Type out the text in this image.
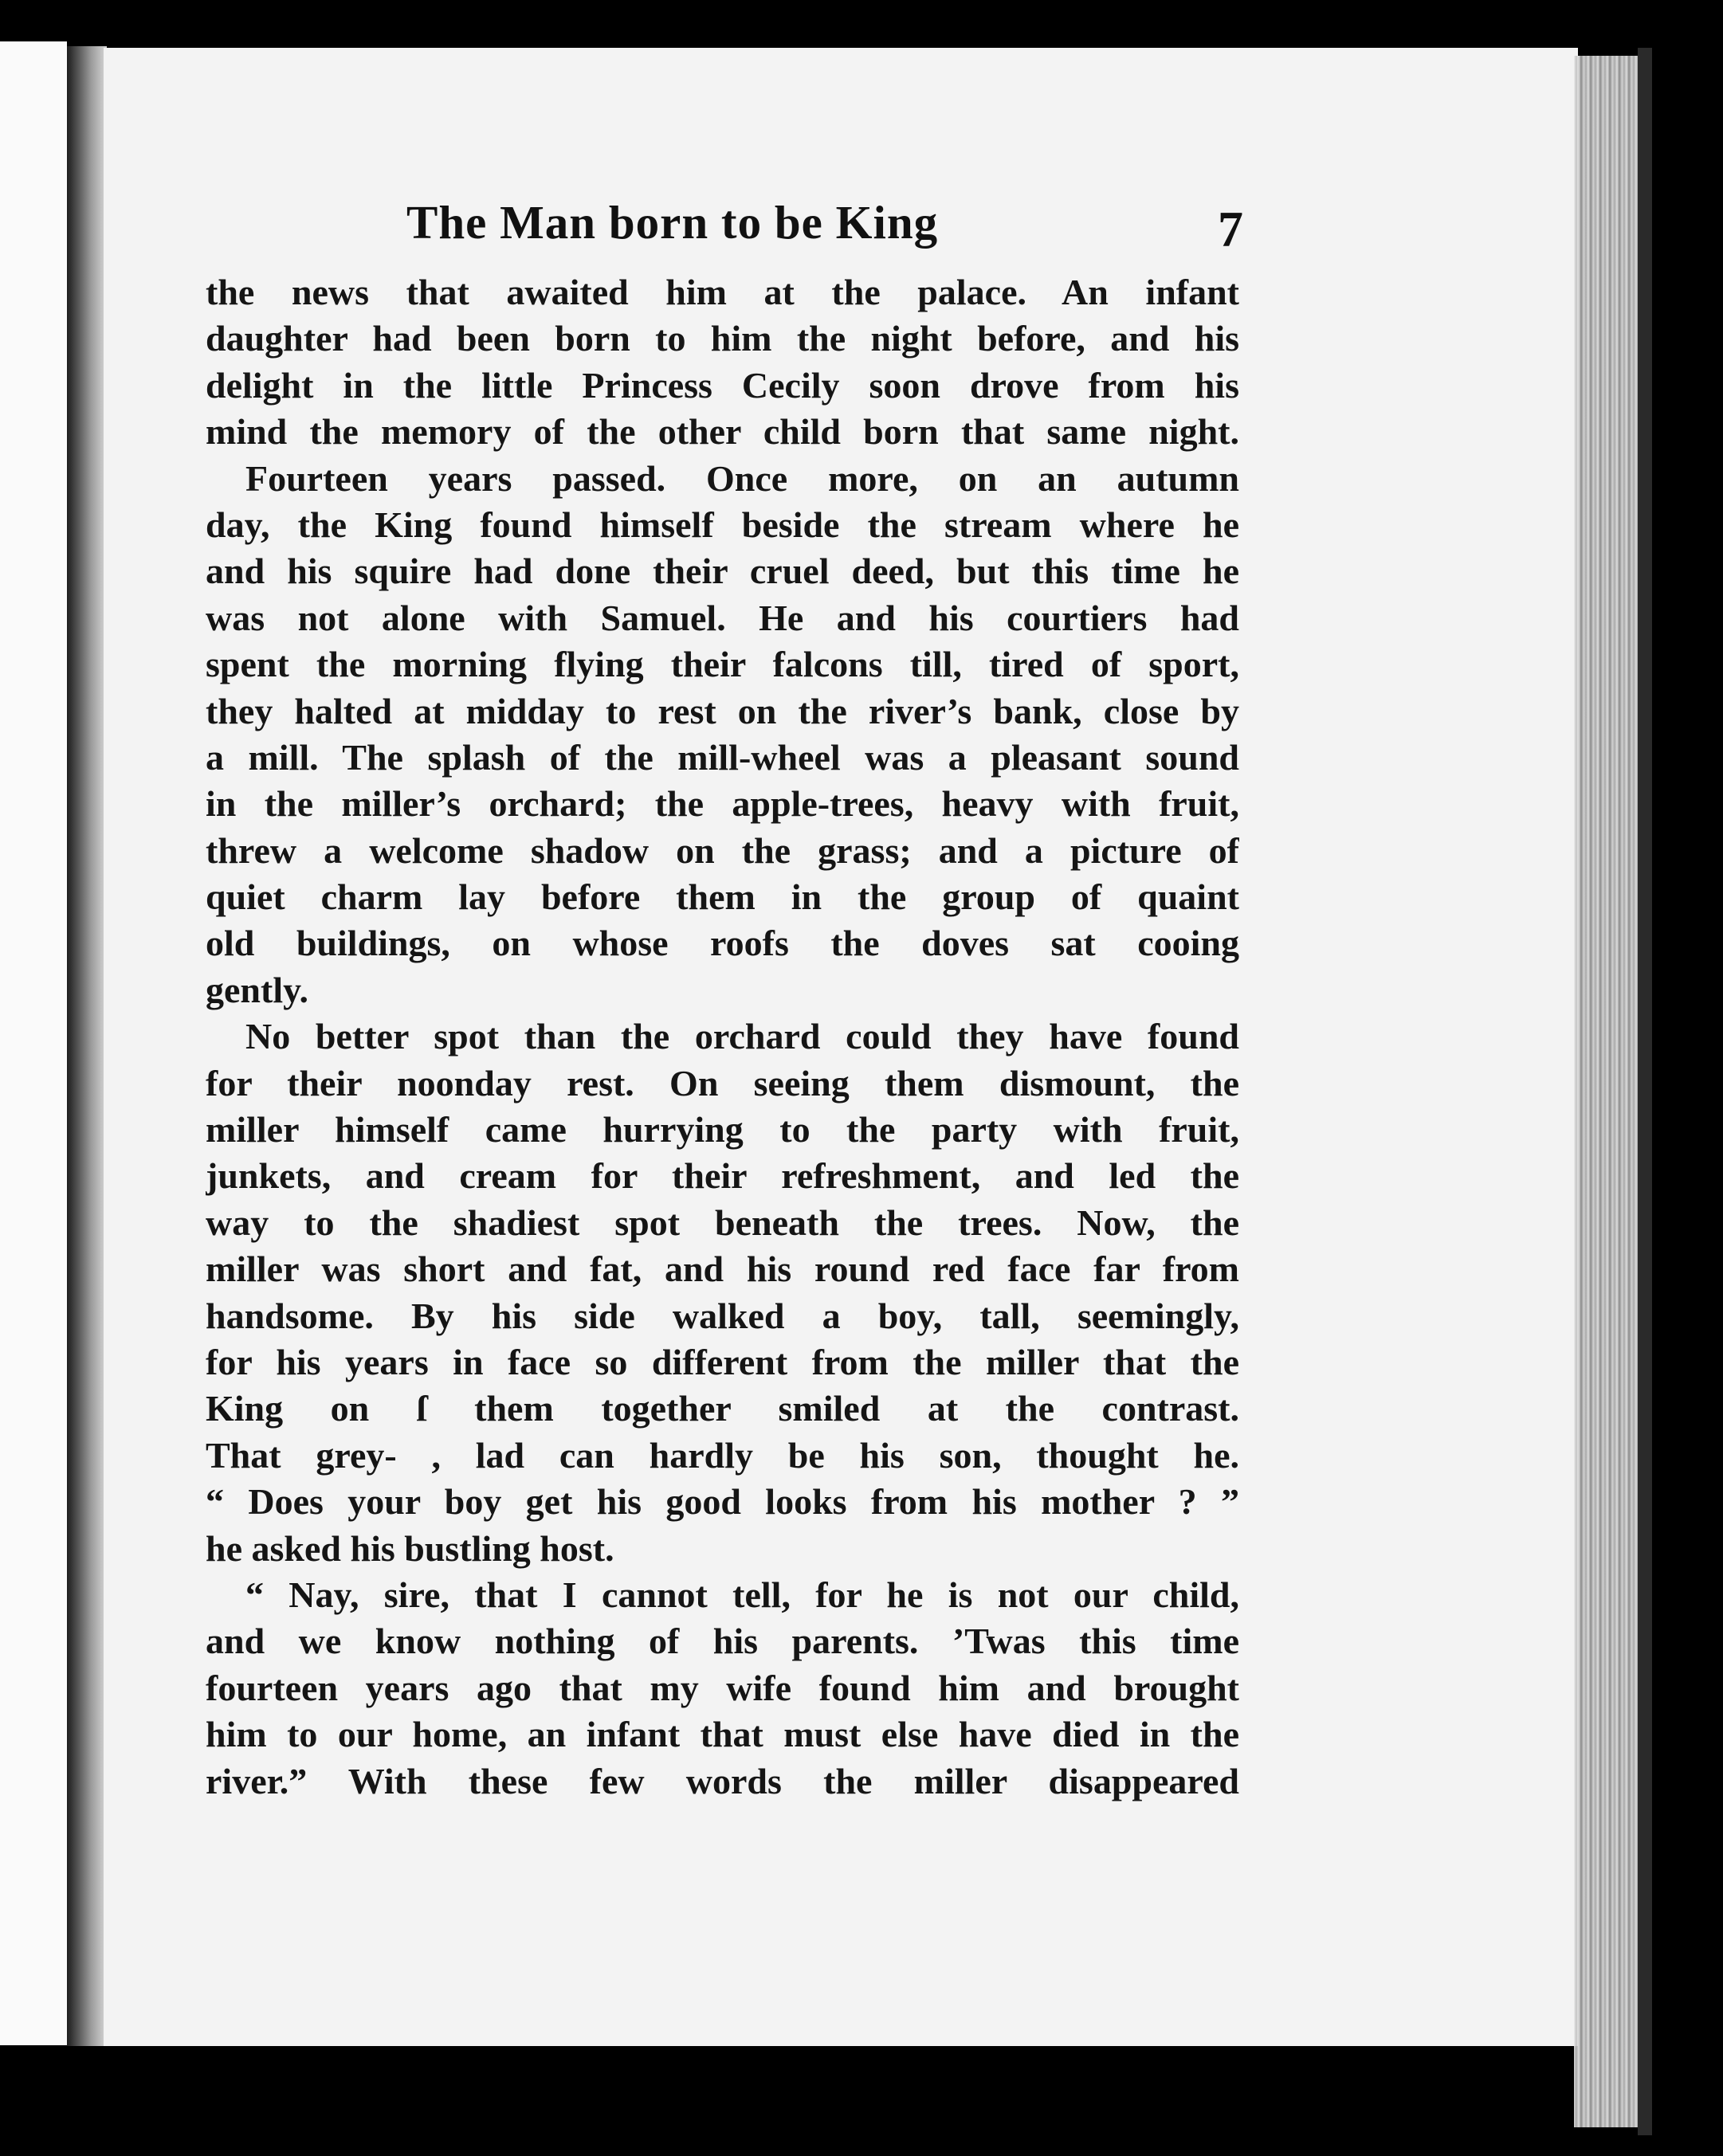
The Man born to be King	7
the news that awaited him at the palace. An infant
daughter had been born to him the night before, and his
delight in the little Princess Cecily soon drove from his
mind the memory of the other child born that same night.
Fourteen years passed. Once more, on an autumn
day, the King found himself beside the stream where he
and his squire had done their cruel deed, but this time he
was not alone with Samuel. He and his courtiers had
spent the morning flying their falcons till, tired of sport,
they halted at midday to rest on the river’s bank, close by
a mill. The splash of the mill-wheel was a pleasant sound
in the miller’s orchard; the apple-trees, heavy with fruit,
threw a welcome shadow on the grass; and a picture of
quiet charm lay before them in the group of quaint
old buildings, on whose roofs the doves sat cooing
gently.
No better spot than the orchard could they have found
for their noonday rest. On seeing them dismount, the
miller himself came hurrying to the party with fruit,
junkets, and cream for their refreshment, and led the
way to the shadiest spot beneath the trees. Now, the
miller was short and fat, and his round red face far from
handsome. By his side walked a boy, tall, seemingly,
for his years in face so different from the miller that the
King on ſ them together smiled at the contrast.
That grey- , lad can hardly be his son, thought he.
“ Does your boy get his good looks from his mother ? ”
he asked his bustling host.
“ Nay, sire, that I cannot tell, for he is not our child,
and we know nothing of his parents. ’Twas this time
fourteen years ago that my wife found him and brought
him to our home, an infant that must else have died in the
river.” With these few words the miller disappeared
